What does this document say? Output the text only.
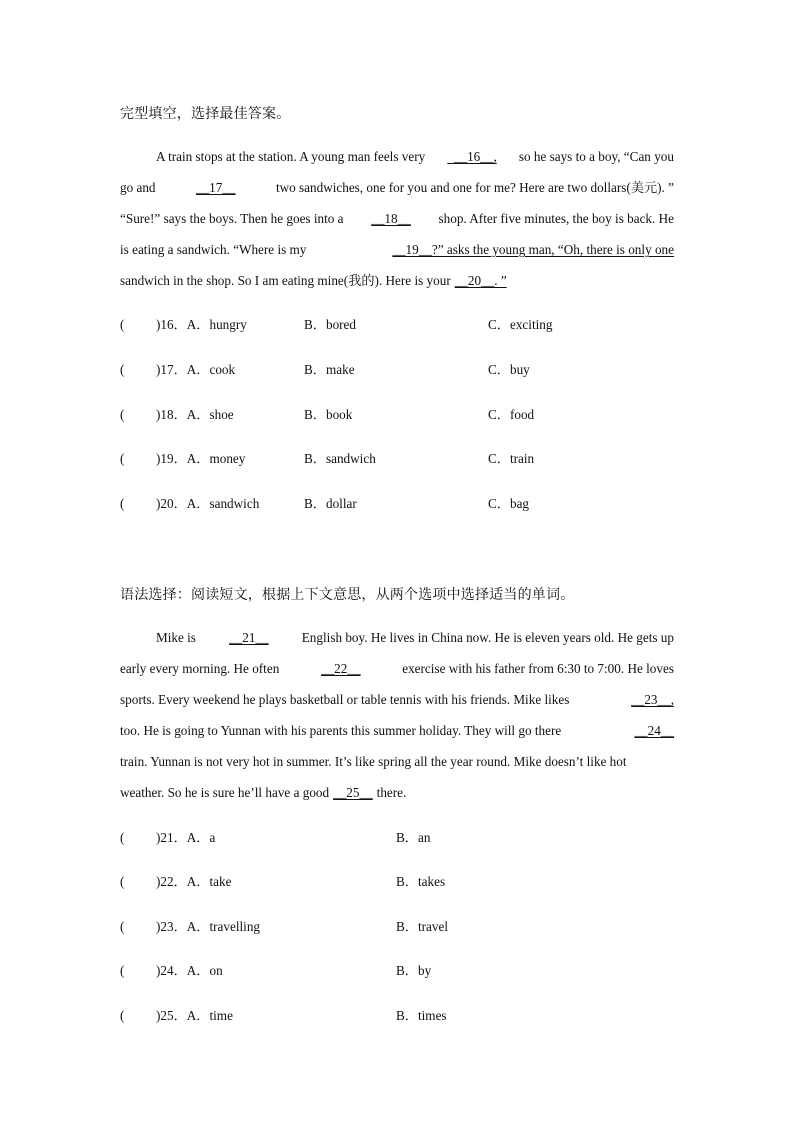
完型填空，选择最佳答案。
A train stops at the station. A young man feels very __16__, so he says to a boy, “Can you
go and	__17__	two sandwiches, one for you and one for me? Here are two dollars(美元). ”
“Sure!” says the boys. Then he goes into a __18__ shop. After five minutes, the boy is back. He
is eating a sandwich. “Where is my	__19__?” asks the young man, “Oh, there is only one
sandwich in the shop. So I am eating mine(我的). Here is your __20__. ”
( )16．A．hungry	B．bored	C．exciting
( )17．A．cook	B．make	C．buy
( )18．A．shoe	B．book	C．food
( )19．A．money	B．sandwich	C．train
( )20．A．sandwich	B．dollar	C．bag
语法选择：阅读短文，根据上下文意思，从两个选项中选择适当的单词。
Mike is	__21__	English boy. He lives in China now. He is eleven years old. He gets up
early every morning. He often	__22__	exercise with his father from 6:30 to 7:00. He loves
sports. Every weekend he plays basketball or table tennis with his friends. Mike likes	__23__,
too. He is going to Yunnan with his parents this summer holiday. They will go there	__24__
train. Yunnan is not very hot in summer. It’s like spring all the year round. Mike doesn’t like hot
weather. So he is sure he’ll have a good __25__ there.
( )21．A．a	B．an
( )22．A．take	B．takes
( )23．A．travelling	B．travel
( )24．A．on	B．by
( )25．A．time	B．times
